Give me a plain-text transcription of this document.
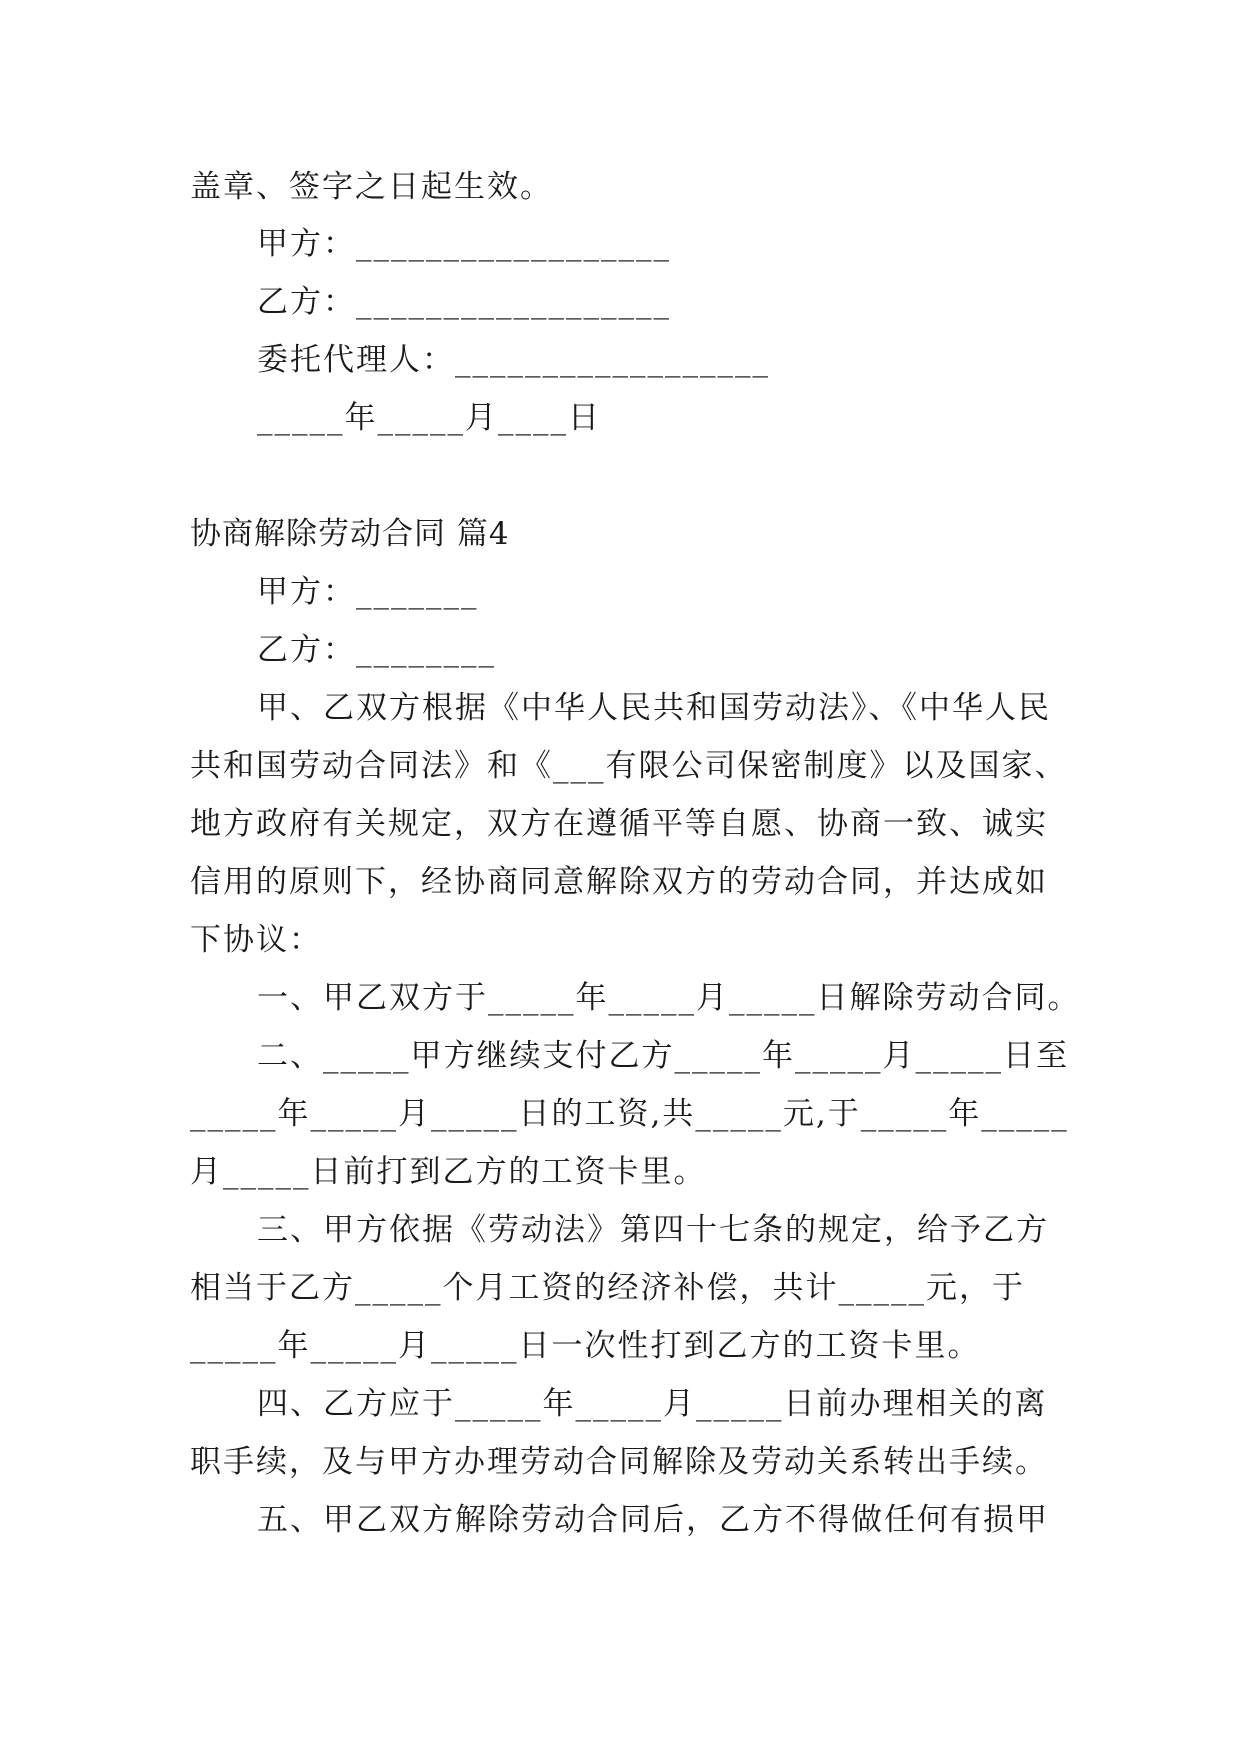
盖章、签字之日起生效。
甲方：__________________
乙方：__________________
委托代理人：__________________
_____年_____月____日
协商解除劳动合同 篇4
甲方：_______
乙方：________
甲、乙双方根据《中华人民共和国劳动法》、《中华人民
共和国劳动合同法》和《___有限公司保密制度》以及国家、
地方政府有关规定，双方在遵循平等自愿、协商一致、诚实
信用的原则下，经协商同意解除双方的劳动合同，并达成如
下协议：
一、甲乙双方于_____年_____月_____日解除劳动合同。
二、_____甲方继续支付乙方_____年_____月_____日至
_____年_____月_____日的工资,共_____元,于_____年_____
月_____日前打到乙方的工资卡里。
三、甲方依据《劳动法》第四十七条的规定，给予乙方
相当于乙方_____个月工资的经济补偿，共计_____元，于
_____年_____月_____日一次性打到乙方的工资卡里。
四、乙方应于_____年_____月_____日前办理相关的离
职手续，及与甲方办理劳动合同解除及劳动关系转出手续。
五、甲乙双方解除劳动合同后，乙方不得做任何有损甲
